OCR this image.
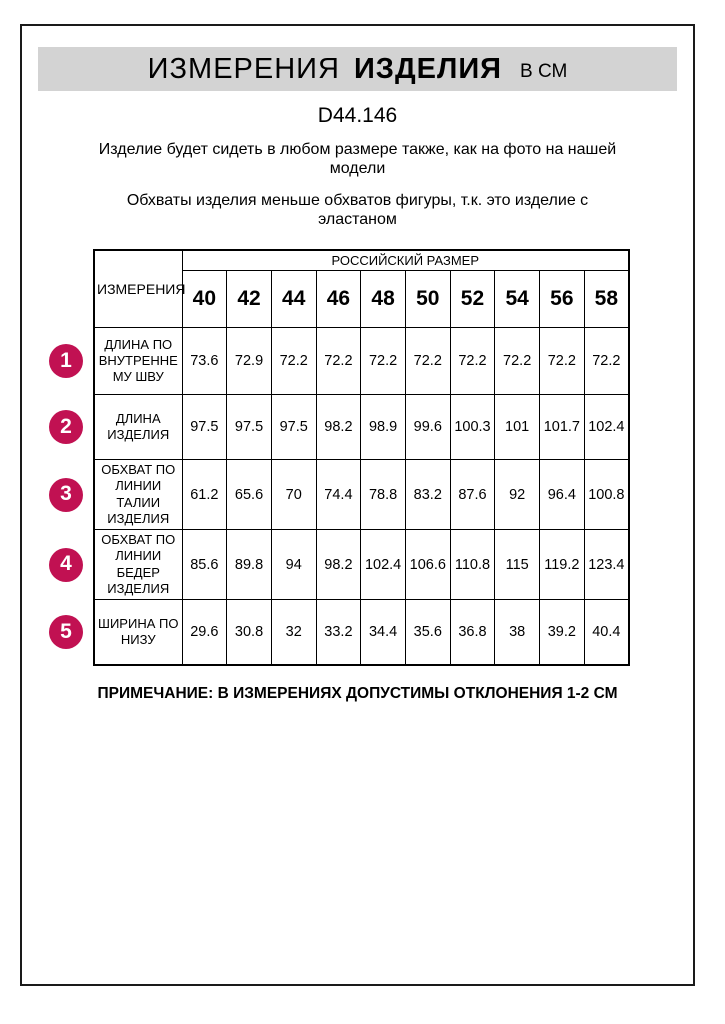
ИЗМЕРЕНИЯ ИЗДЕЛИЯ В СМ
D44.146

Изделие будет сидеть в любом размере также, как на фото на нашей модели

Обхваты изделия меньше обхватов фигуры, т.к. это изделие с эластаном

ИЗМЕРЕНИЯ	РОССИЙСКИЙ РАЗМЕР									
	40	42	44	46	48	50	52	54	56	58

1
ДЛИНА ПО ВНУТРЕННЕМУ ШВУ	73.6	72.9	72.2	72.2	72.2	72.2	72.2	72.2	72.2	72.2

2 ДЛИНА ИЗДЕЛИЯ	97.5	97.5	97.5	98.2	98.9	99.6	100.3	101	101.7	102.4

3
ОБХВАТ ПО ЛИНИИ ТАЛИИ ИЗДЕЛИЯ	61.2	65.6	70	74.4	78.8	83.2	87.6	92	96.4	100.8

4
ОБХВАТ ПО ЛИНИИ БЕДЕР ИЗДЕЛИЯ	85.6	89.8	94	98.2	102.4	106.6	110.8	115	119.2	123.4

5 ШИРИНА ПО НИЗУ	29.6	30.8	32	33.2	34.4	35.6	36.8	38	39.2	40.4

ПРИМЕЧАНИЕ: В ИЗМЕРЕНИЯХ ДОПУСТИМЫ ОТКЛОНЕНИЯ 1-2 СМ
